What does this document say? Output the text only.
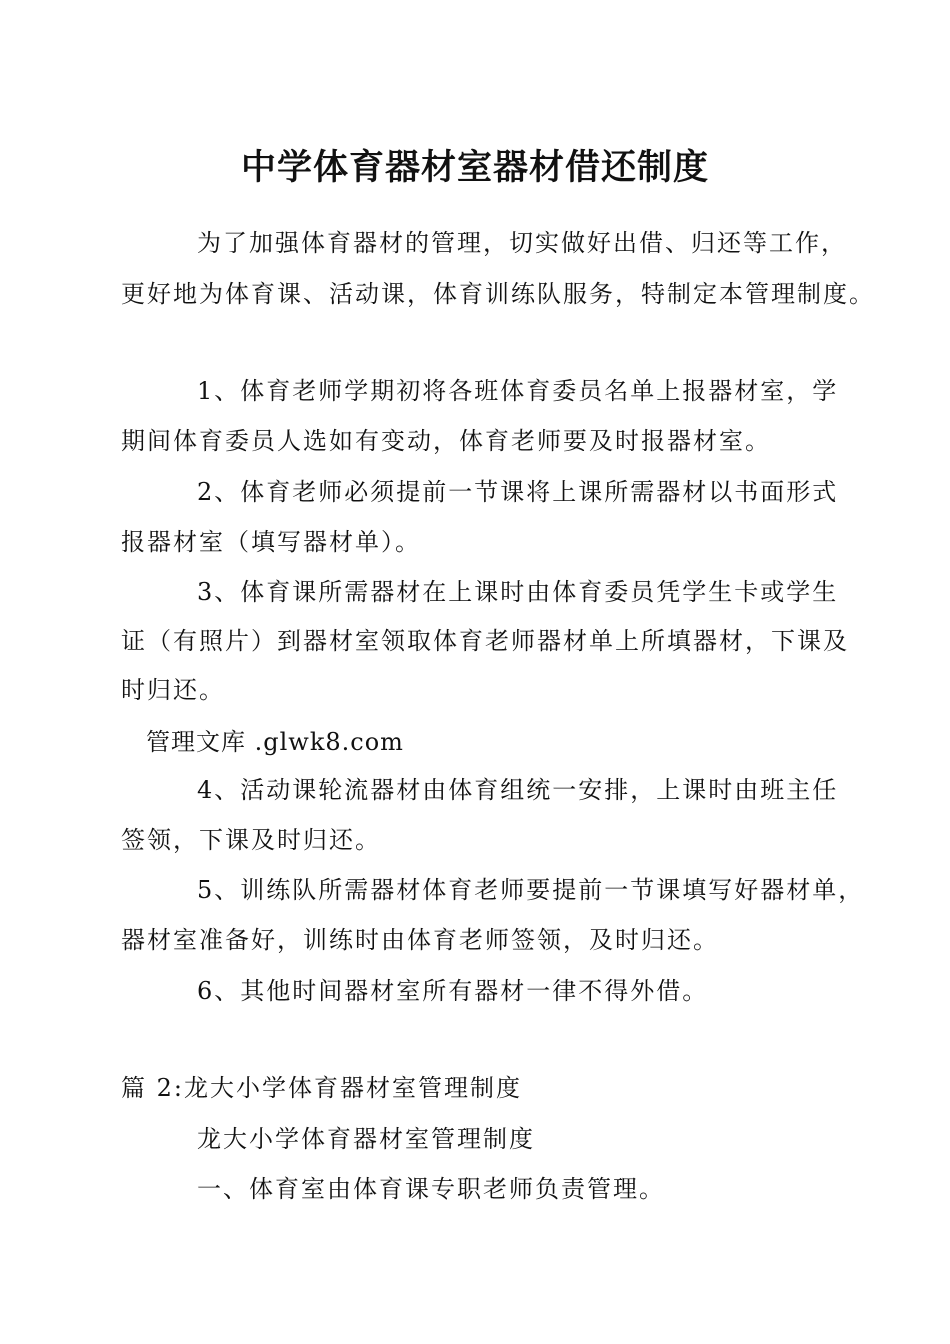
中学体育器材室器材借还制度
为了加强体育器材的管理，切实做好出借、归还等工作，
更好地为体育课、活动课，体育训练队服务，特制定本管理制度。
1、体育老师学期初将各班体育委员名单上报器材室，学
期间体育委员人选如有变动，体育老师要及时报器材室。
2、体育老师必须提前一节课将上课所需器材以书面形式
报器材室（填写器材单）。
3、体育课所需器材在上课时由体育委员凭学生卡或学生
证（有照片）到器材室领取体育老师器材单上所填器材，下课及
时归还。
管理文库 .glwk8.com
4、活动课轮流器材由体育组统一安排，上课时由班主任
签领，下课及时归还。
5、训练队所需器材体育老师要提前一节课填写好器材单，
器材室准备好，训练时由体育老师签领，及时归还。
6、其他时间器材室所有器材一律不得外借。
篇 2:龙大小学体育器材室管理制度
龙大小学体育器材室管理制度
一、体育室由体育课专职老师负责管理。
